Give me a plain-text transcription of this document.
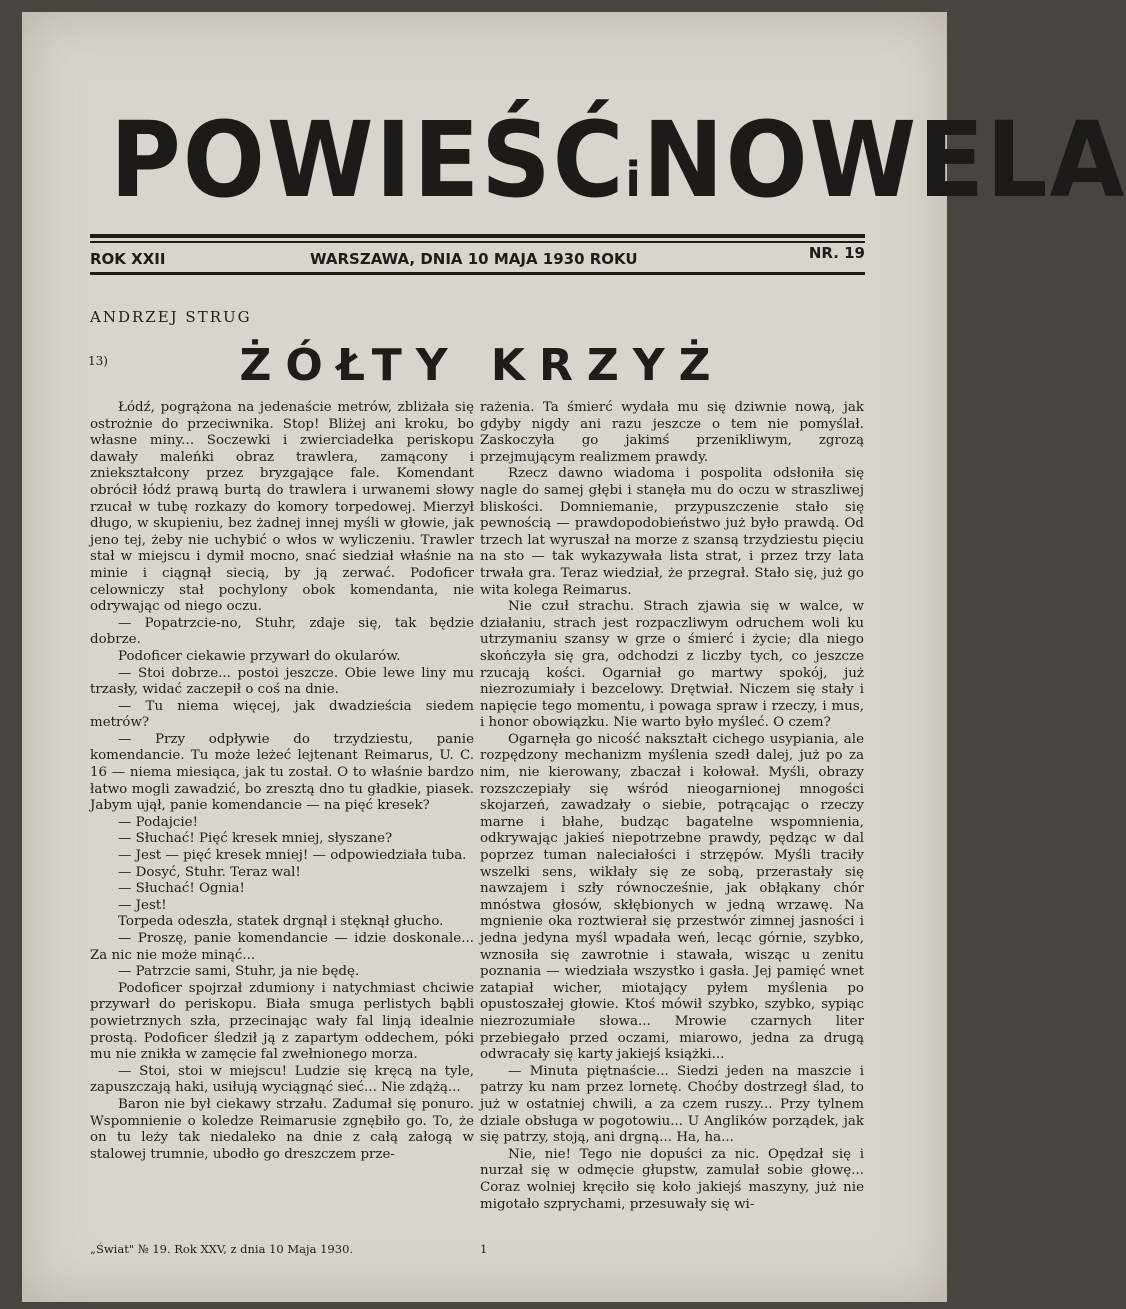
POWIEŚĆiNOWELA
ROK XXII	WARSZAWA, DNIA 10 MAJA 1930 ROKU	NR. 19
ANDRZEJ STRUG
13)	ŻÓŁTY KRZYŻ

Łódź, pogrążona na jedenaście metrów, zbliżała się ostrożnie do przeciwnika. Stop! Bliżej ani kroku, bo własne miny... Soczewki i zwierciadełka periskopu dawały maleńki obraz trawlera, zamącony i zniekształcony przez bryzgające fale. Komendant obrócił łódź prawą burtą do trawlera i urwanemi słowy rzucał w tubę rozkazy do komory torpedowej. Mierzył długo, w skupieniu, bez żadnej innej myśli w głowie, jak jeno tej, żeby nie uchybić o włos w wyliczeniu. Trawler stał w miejscu i dymił mocno, snać siedział właśnie na minie i ciągnął siecią, by ją zerwać. Podoficer celowniczy stał pochylony obok komendanta, nie odrywając od niego oczu.

— Popatrzcie-no, Stuhr, zdaje się, tak będzie dobrze.

Podoficer ciekawie przywarł do okularów.

— Stoi dobrze... postoi jeszcze. Obie lewe liny mu trzasły, widać zaczepił o coś na dnie.

— Tu niema więcej, jak dwadzieścia siedem metrów?

— Przy odpływie do trzydziestu, panie komendancie. Tu może leżeć lejtenant Reimarus, U. C. 16 — niema miesiąca, jak tu został. O to właśnie bardzo łatwo mogli zawadzić, bo zresztą dno tu gładkie, piasek. Jabym ujął, panie komendancie — na pięć kresek?

— Podajcie!

— Słuchać! Pięć kresek mniej, słyszane?

— Jest — pięć kresek mniej! — odpowiedziała tuba.

— Dosyć, Stuhr. Teraz wal!

— Słuchać! Ognia!

— Jest!

Torpeda odeszła, statek drgnął i stęknął głucho.

— Proszę, panie komendancie — idzie doskonale... Za nic nie może minąć...

— Patrzcie sami, Stuhr, ja nie będę.

Podoficer spojrzał zdumiony i natychmiast chciwie przywarł do periskopu. Biała smuga perlistych bąbli powietrznych szła, przecinając wały fal linją idealnie prostą. Podoficer śledził ją z zapartym oddechem, póki mu nie znikła w zamęcie fal zwełnionego morza.

— Stoi, stoi w miejscu! Ludzie się kręcą na tyle, zapuszczają haki, usiłują wyciągnąć sieć... Nie zdążą...

Baron nie był ciekawy strzału. Zadumał się ponuro. Wspomnienie o koledze Reimarusie zgnębiło go. To, że on tu leży tak niedaleko na dnie z całą załogą w stalowej trumnie, ubodło go dreszczem prze-

rażenia. Ta śmierć wydała mu się dziwnie nową, jak gdyby nigdy ani razu jeszcze o tem nie pomyślał. Zaskoczyła go jakimś przenikliwym, zgrozą przejmującym realizmem prawdy.

Rzecz dawno wiadoma i pospolita odsłoniła się nagle do samej głębi i stanęła mu do oczu w straszliwej bliskości. Domniemanie, przypuszczenie stało się pewnością — prawdopodobieństwo już było prawdą. Od trzech lat wyruszał na morze z szansą trzydziestu pięciu na sto — tak wykazywała lista strat, i przez trzy lata trwała gra. Teraz wiedział, że przegrał. Stało się, już go wita kolega Reimarus.

Nie czuł strachu. Strach zjawia się w walce, w działaniu, strach jest rozpaczliwym odruchem woli ku utrzymaniu szansy w grze o śmierć i życie; dla niego skończyła się gra, odchodzi z liczby tych, co jeszcze rzucają kości. Ogarniał go martwy spokój, już niezrozumiały i bezcelowy. Drętwiał. Niczem się stały i napięcie tego momentu, i powaga spraw i rzeczy, i mus, i honor obowiązku. Nie warto było myśleć. O czem?

Ogarnęła go nicość nakształt cichego usypiania, ale rozpędzony mechanizm myślenia szedł dalej, już po za nim, nie kierowany, zbaczał i kołował. Myśli, obrazy rozszczepiały się wśród nieogarnionej mnogości skojarzeń, zawadzały o siebie, potrącając o rzeczy marne i błahe, budząc bagatelne wspomnienia, odkrywając jakieś niepotrzebne prawdy, pędząc w dal poprzez tuman naleciałości i strzępów. Myśli traciły wszelki sens, wikłały się ze sobą, przerastały się nawzajem i szły równocześnie, jak obłąkany chór mnóstwa głosów, skłębionych w jedną wrzawę. Na mgnienie oka roztwierał się przestwór zimnej jasności i jedna jedyna myśl wpadała weń, lecąc górnie, szybko, wznosiła się zawrotnie i stawała, wisząc u zenitu poznania — wiedziała wszystko i gasła. Jej pamięć wnet zatapiał wicher, miotający pyłem myślenia po opustoszałej głowie. Ktoś mówił szybko, szybko, sypiąc niezrozumiałe słowa... Mrowie czarnych liter przebiegało przed oczami, miarowo, jedna za drugą odwracały się karty jakiejś książki...

— Minuta piętnaście... Siedzi jeden na maszcie i patrzy ku nam przez lornetę. Choćby dostrzegł ślad, to już w ostatniej chwili, a za czem ruszy... Przy tylnem dziale obsługa w pogotowiu... U Anglików porządek, jak się patrzy, stoją, ani drgną... Ha, ha...

Nie, nie! Tego nie dopuści za nic. Opędzał się i nurzał się w odmęcie głupstw, zamulał sobie głowę... Coraz wolniej kręciło się koło jakiejś maszyny, już nie migotało szprychami, przesuwały się wi-

„Świat" № 19. Rok XXV, z dnia 10 Maja 1930.	1
